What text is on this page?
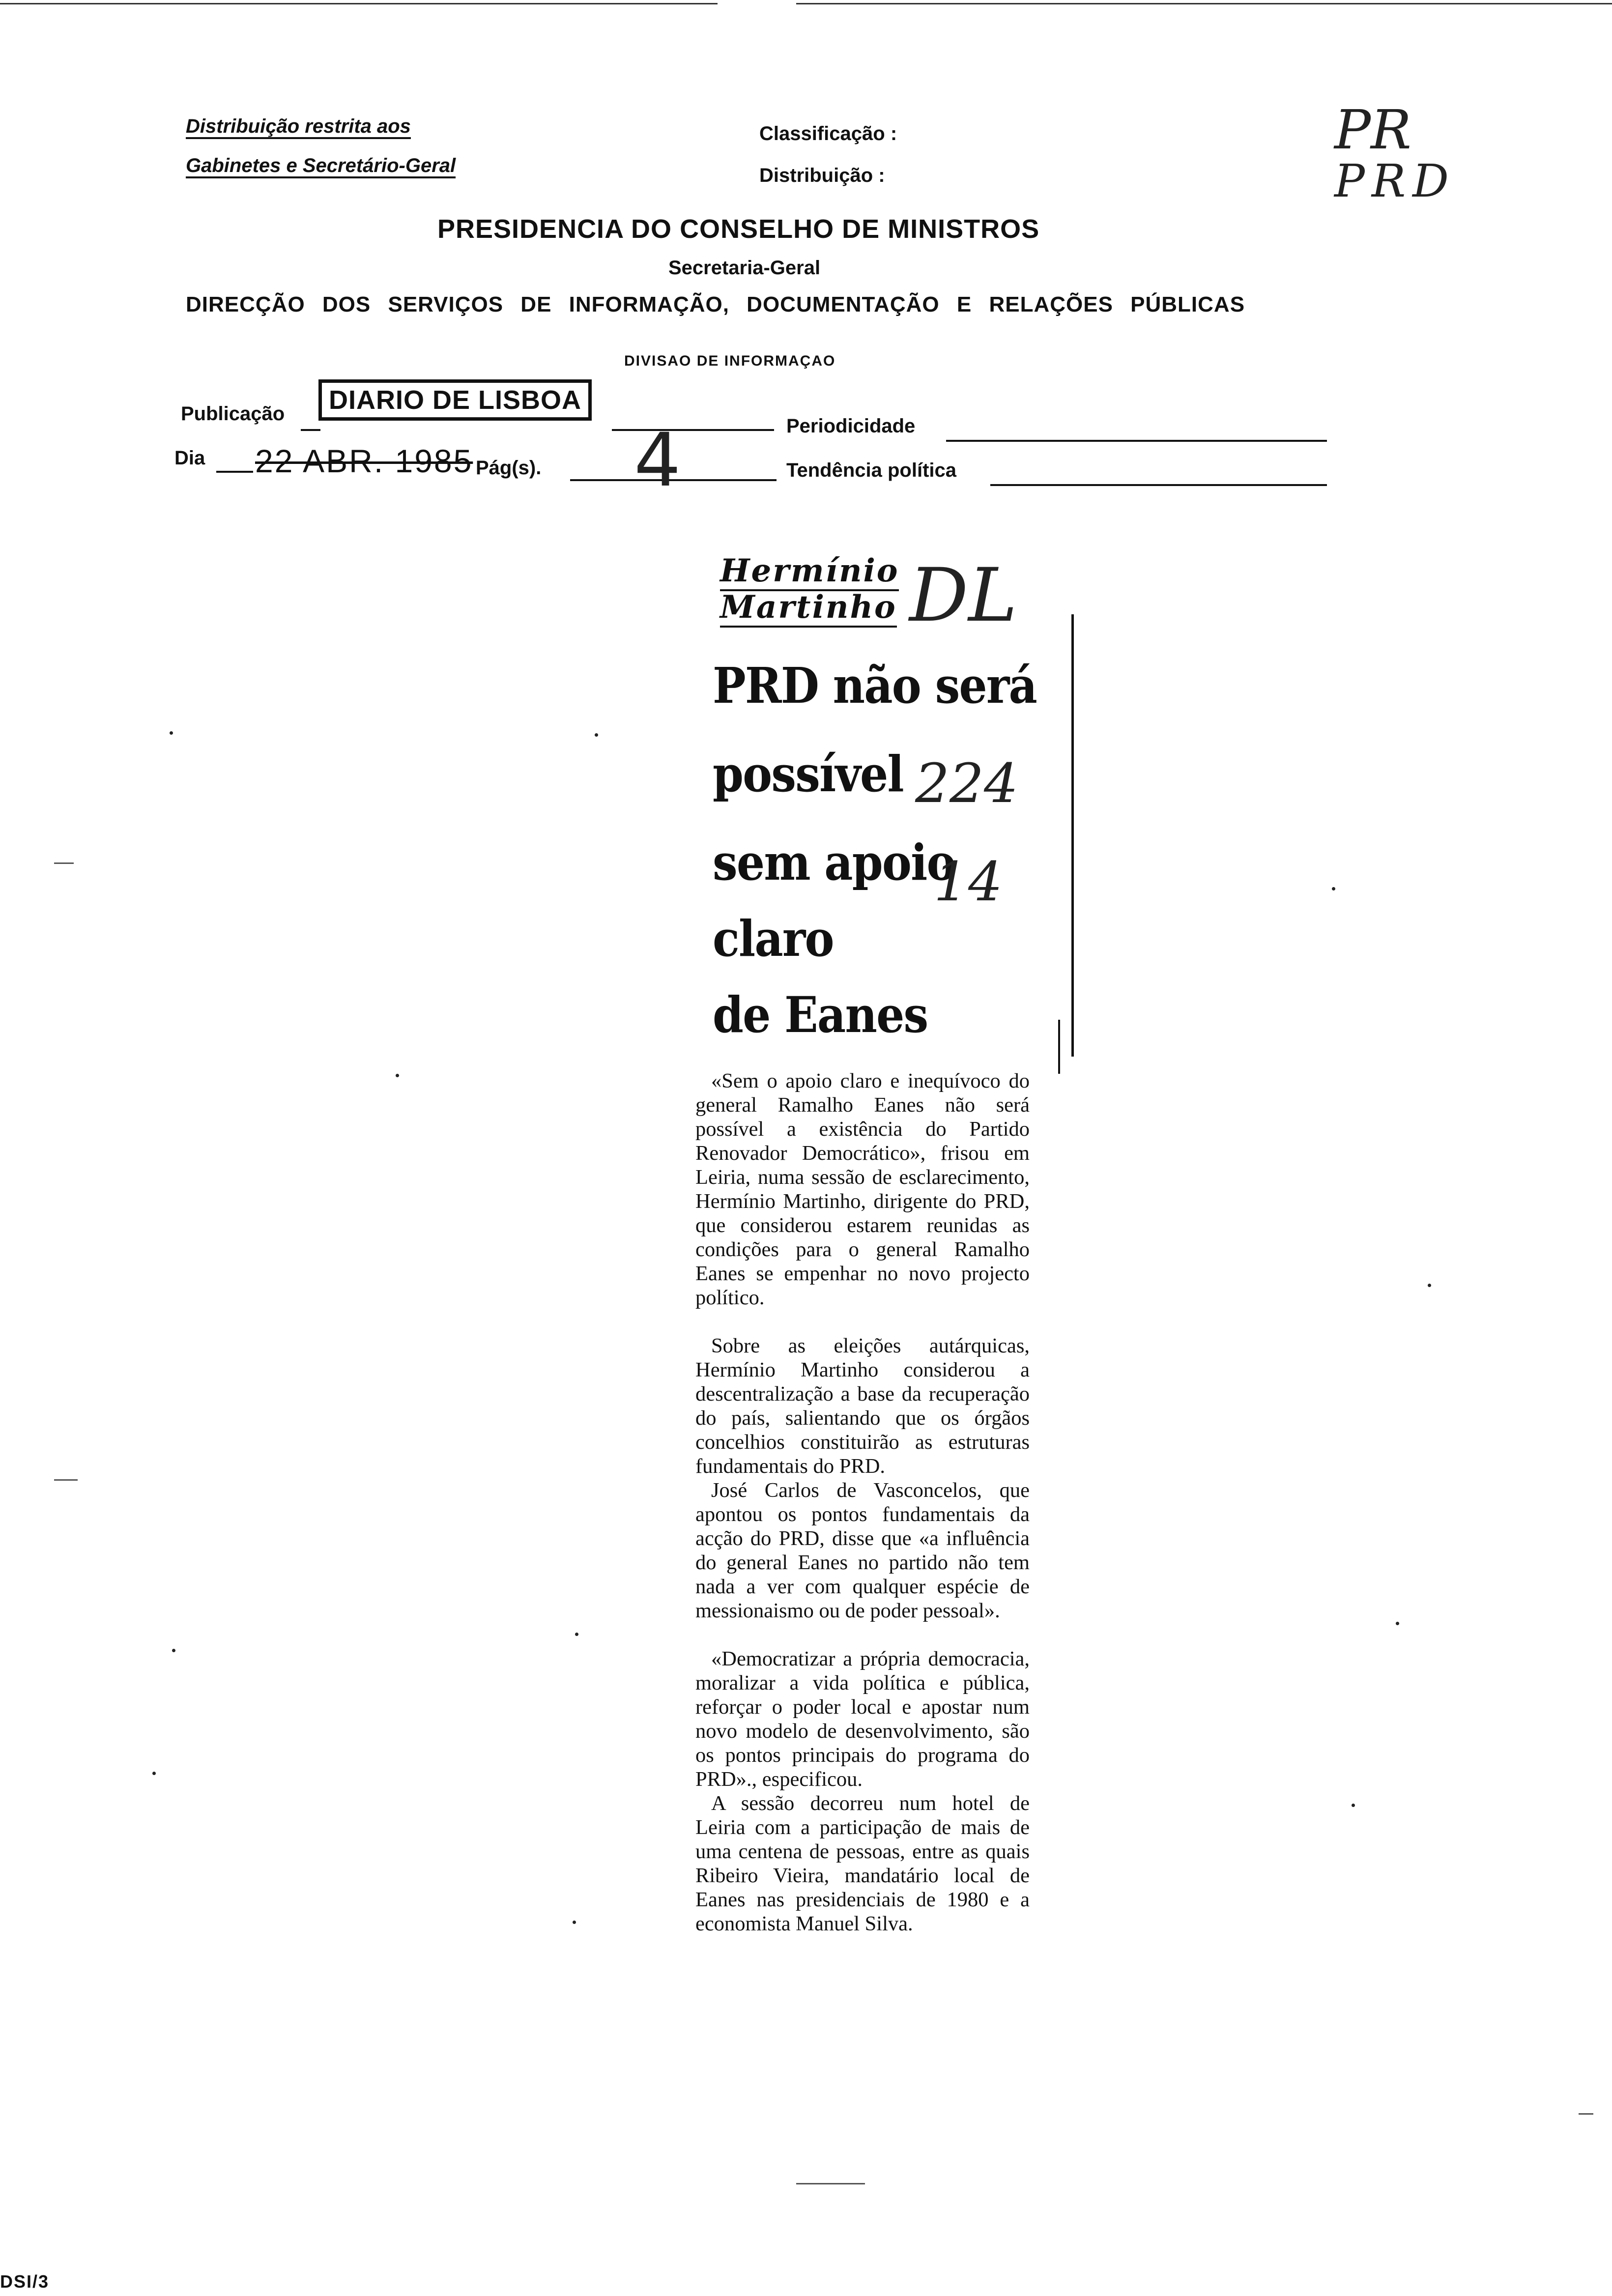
Distribuição restrita aos
Gabinetes e Secretário-Geral
Classificação :
Distribuição :
PR
PRD
PRESIDENCIA DO CONSELHO DE MINISTROS
Secretaria-Geral
DIRECÇÃO DOS SERVIÇOS DE INFORMAÇÃO, DOCUMENTAÇÃO E RELAÇÕES PÚBLICAS
DIVISAO DE INFORMAÇAO
Publicação	DIARIO DE LISBOA
Periodicidade
Dia 22 ABR. 1985 Pág(s). 4	Tendência política
Hermínio
Martinho DL
PRD não será
possível 224
sem apoio
14
claro
de Eanes

«Sem o apoio claro e inequívoco do general Ramalho Eanes não será possível a existência do Partido Renovador Democrático», frisou em Leiria, numa sessão de esclarecimento, Hermínio Martinho, dirigente do PRD, que considerou estarem reunidas as condições para o general Ramalho Eanes se empenhar no novo projecto político.

Sobre as eleições autárquicas, Hermínio Martinho considerou a descentralização a base da recuperação do país, salientando que os órgãos concelhios constituirão as estruturas fundamentais do PRD.

José Carlos de Vasconcelos, que apontou os pontos fundamentais da acção do PRD, disse que «a influência do general Eanes no partido não tem nada a ver com qualquer espécie de messionaismo ou de poder pessoal».

«Democratizar a própria democracia, moralizar a vida política e pública, reforçar o poder local e apostar num novo modelo de desenvolvimento, são os pontos principais do programa do PRD»., especificou.

A sessão decorreu num hotel de Leiria com a participação de mais de uma centena de pessoas, entre as quais Ribeiro Vieira, mandatário local de Eanes nas presidenciais de 1980 e a economista Manuel Silva.

DSI/3
